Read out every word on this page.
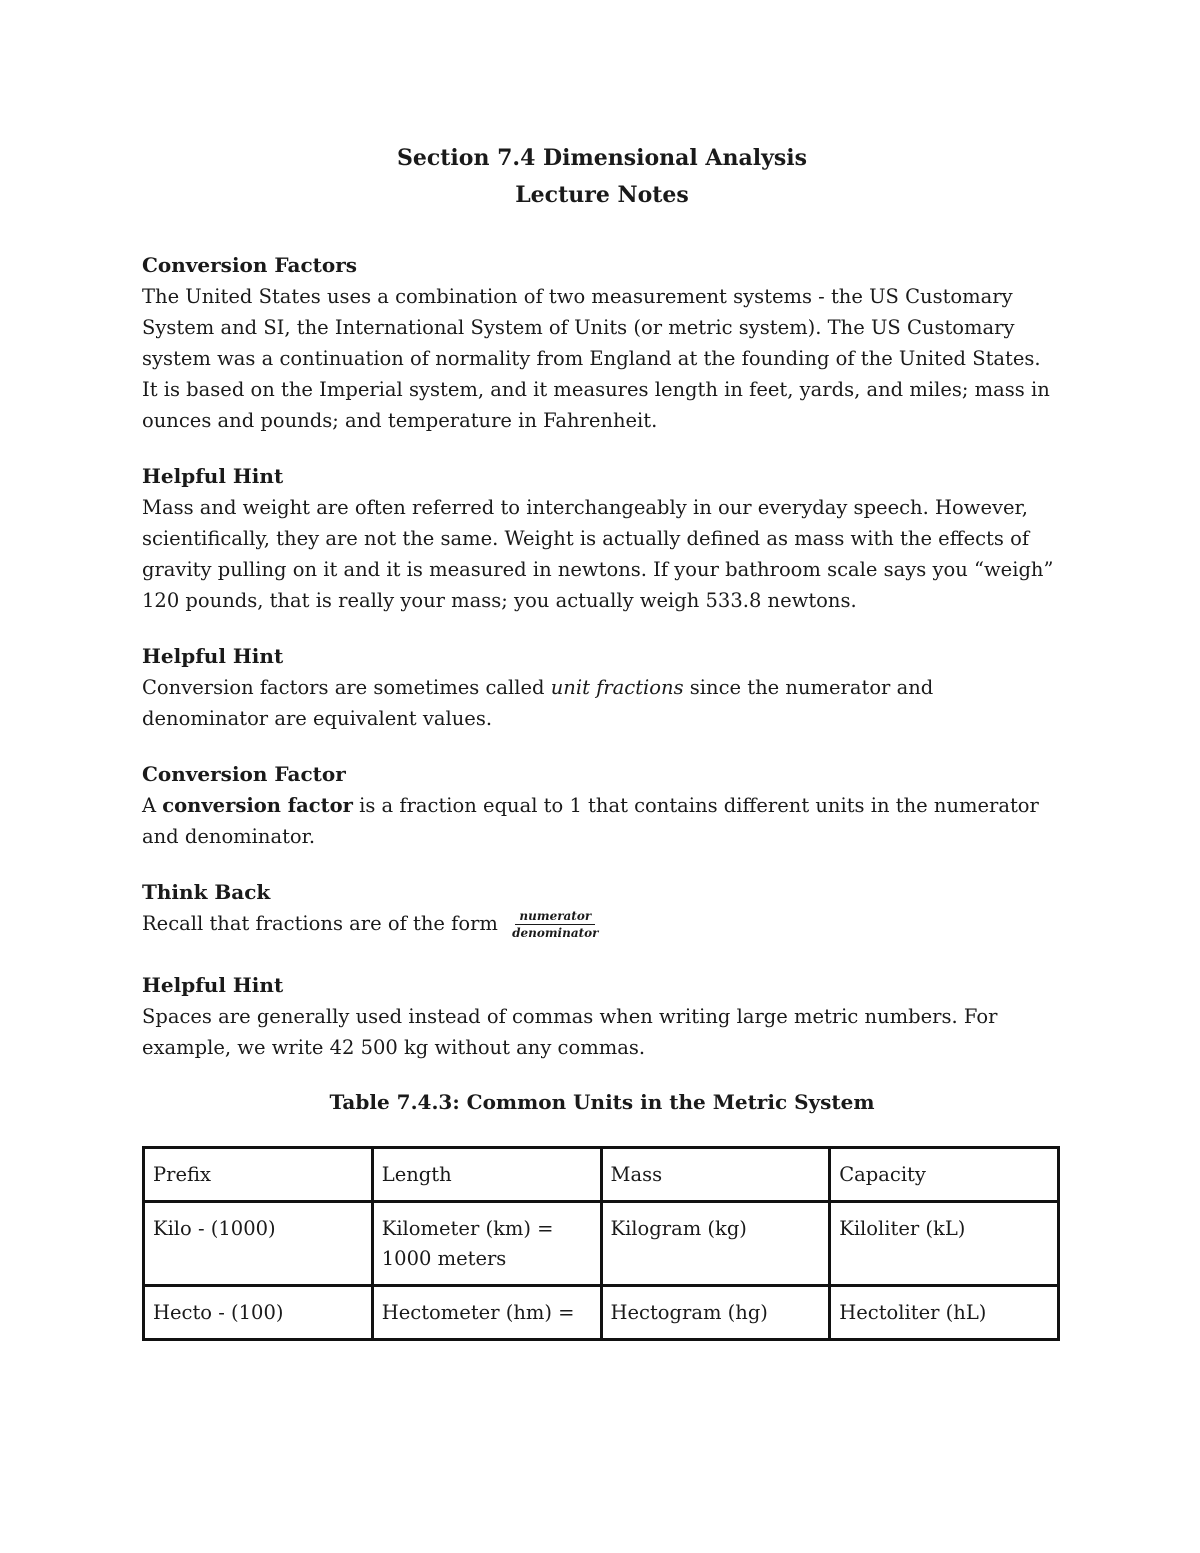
Section 7.4 Dimensional Analysis
Lecture Notes
Conversion Factors

The United States uses a combination of two measurement systems - the US Customary System and SI, the International System of Units (or metric system). The US Customary system was a continuation of normality from England at the founding of the United States. It is based on the Imperial system, and it measures length in feet, yards, and miles; mass in ounces and pounds; and temperature in Fahrenheit.

Helpful Hint

Mass and weight are often referred to interchangeably in our everyday speech. However, scientifically, they are not the same. Weight is actually defined as mass with the effects of gravity pulling on it and it is measured in newtons. If your bathroom scale says you “weigh” 120 pounds, that is really your mass; you actually weigh 533.8 newtons.

Helpful Hint

Conversion factors are sometimes called unit fractions since the numerator and denominator are equivalent values.

Conversion Factor

A conversion factor is a fraction equal to 1 that contains different units in the numerator and denominator.

Think Back

Recall that fractions are of the form $\frac{\text{numerator}}{\text{denominator}}$

Helpful Hint

Spaces are generally used instead of commas when writing large metric numbers. For example, we write 42 500 kg without any commas.

Table 7.4.3: Common Units in the Metric System
Prefix	Length	Mass	Capacity
Kilo - (1000)	Kilometer (km) = 1000 meters	Kilogram (kg)	Kiloliter (kL)
Hecto - (100)	Hectometer (hm) =	Hectogram (hg)	Hectoliter (hL)
